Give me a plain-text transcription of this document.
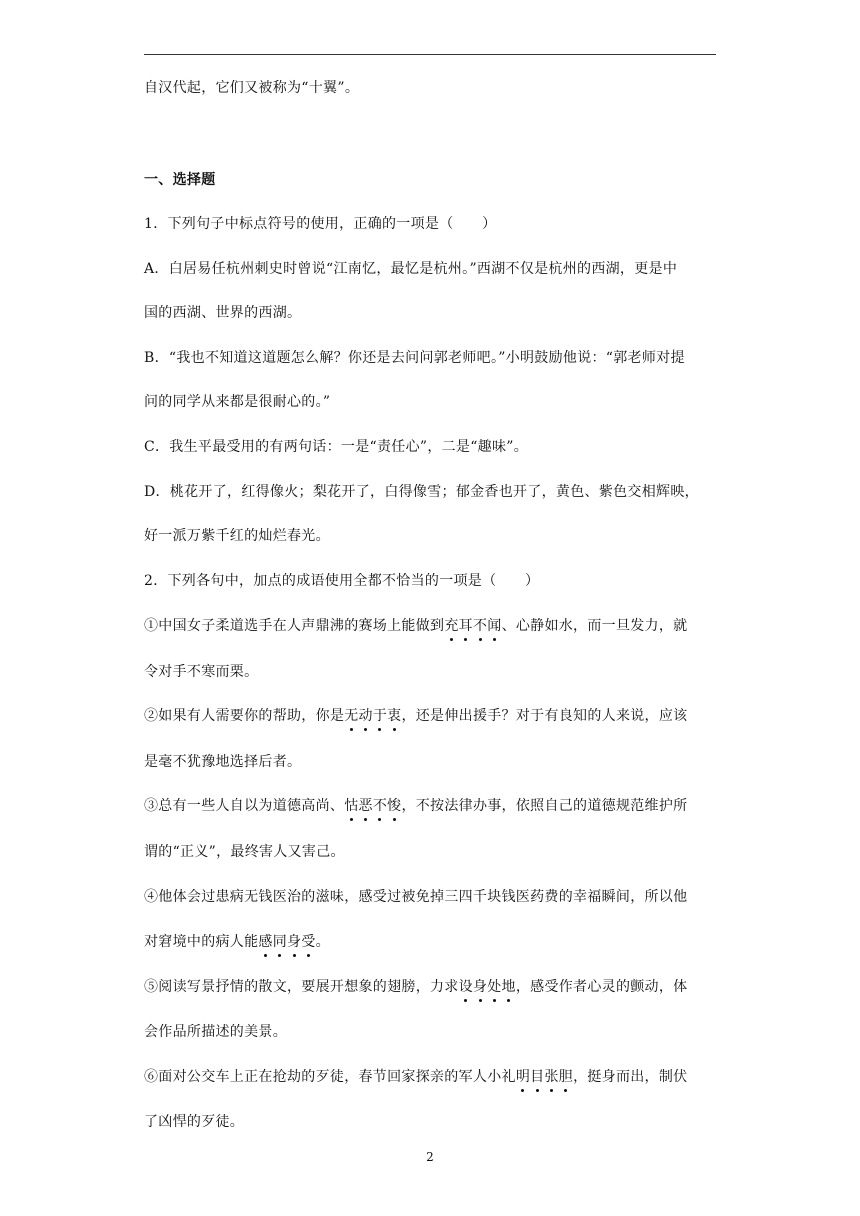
自汉代起，它们又被称为“十翼”。
一、选择题
1．下列句子中标点符号的使用，正确的一项是（　　）
A．白居易任杭州刺史时曾说“江南忆，最忆是杭州。”西湖不仅是杭州的西湖，更是中
国的西湖、世界的西湖。
B．“我也不知道这道题怎么解？你还是去问问郭老师吧。”小明鼓励他说：“郭老师对提
问的同学从来都是很耐心的。”
C．我生平最受用的有两句话：一是“责任心”，二是“趣味”。
D．桃花开了，红得像火；梨花开了，白得像雪；郁金香也开了，黄色、紫色交相辉映，
好一派万紫千红的灿烂春光。
2．下列各句中，加点的成语使用全都不恰当的一项是（　　）
①中国女子柔道选手在人声鼎沸的赛场上能做到充耳不闻、心静如水，而一旦发力，就
令对手不寒而栗。
②如果有人需要你的帮助，你是无动于衷，还是伸出援手？对于有良知的人来说，应该
是毫不犹豫地选择后者。
③总有一些人自以为道德高尚、怙恶不悛，不按法律办事，依照自己的道德规范维护所
谓的“正义”，最终害人又害己。
④他体会过患病无钱医治的滋味，感受过被免掉三四千块钱医药费的幸福瞬间，所以他
对窘境中的病人能感同身受。
⑤阅读写景抒情的散文，要展开想象的翅膀，力求设身处地，感受作者心灵的颤动，体
会作品所描述的美景。
⑥面对公交车上正在抢劫的歹徒，春节回家探亲的军人小礼明目张胆，挺身而出，制伏
了凶悍的歹徒。
2
